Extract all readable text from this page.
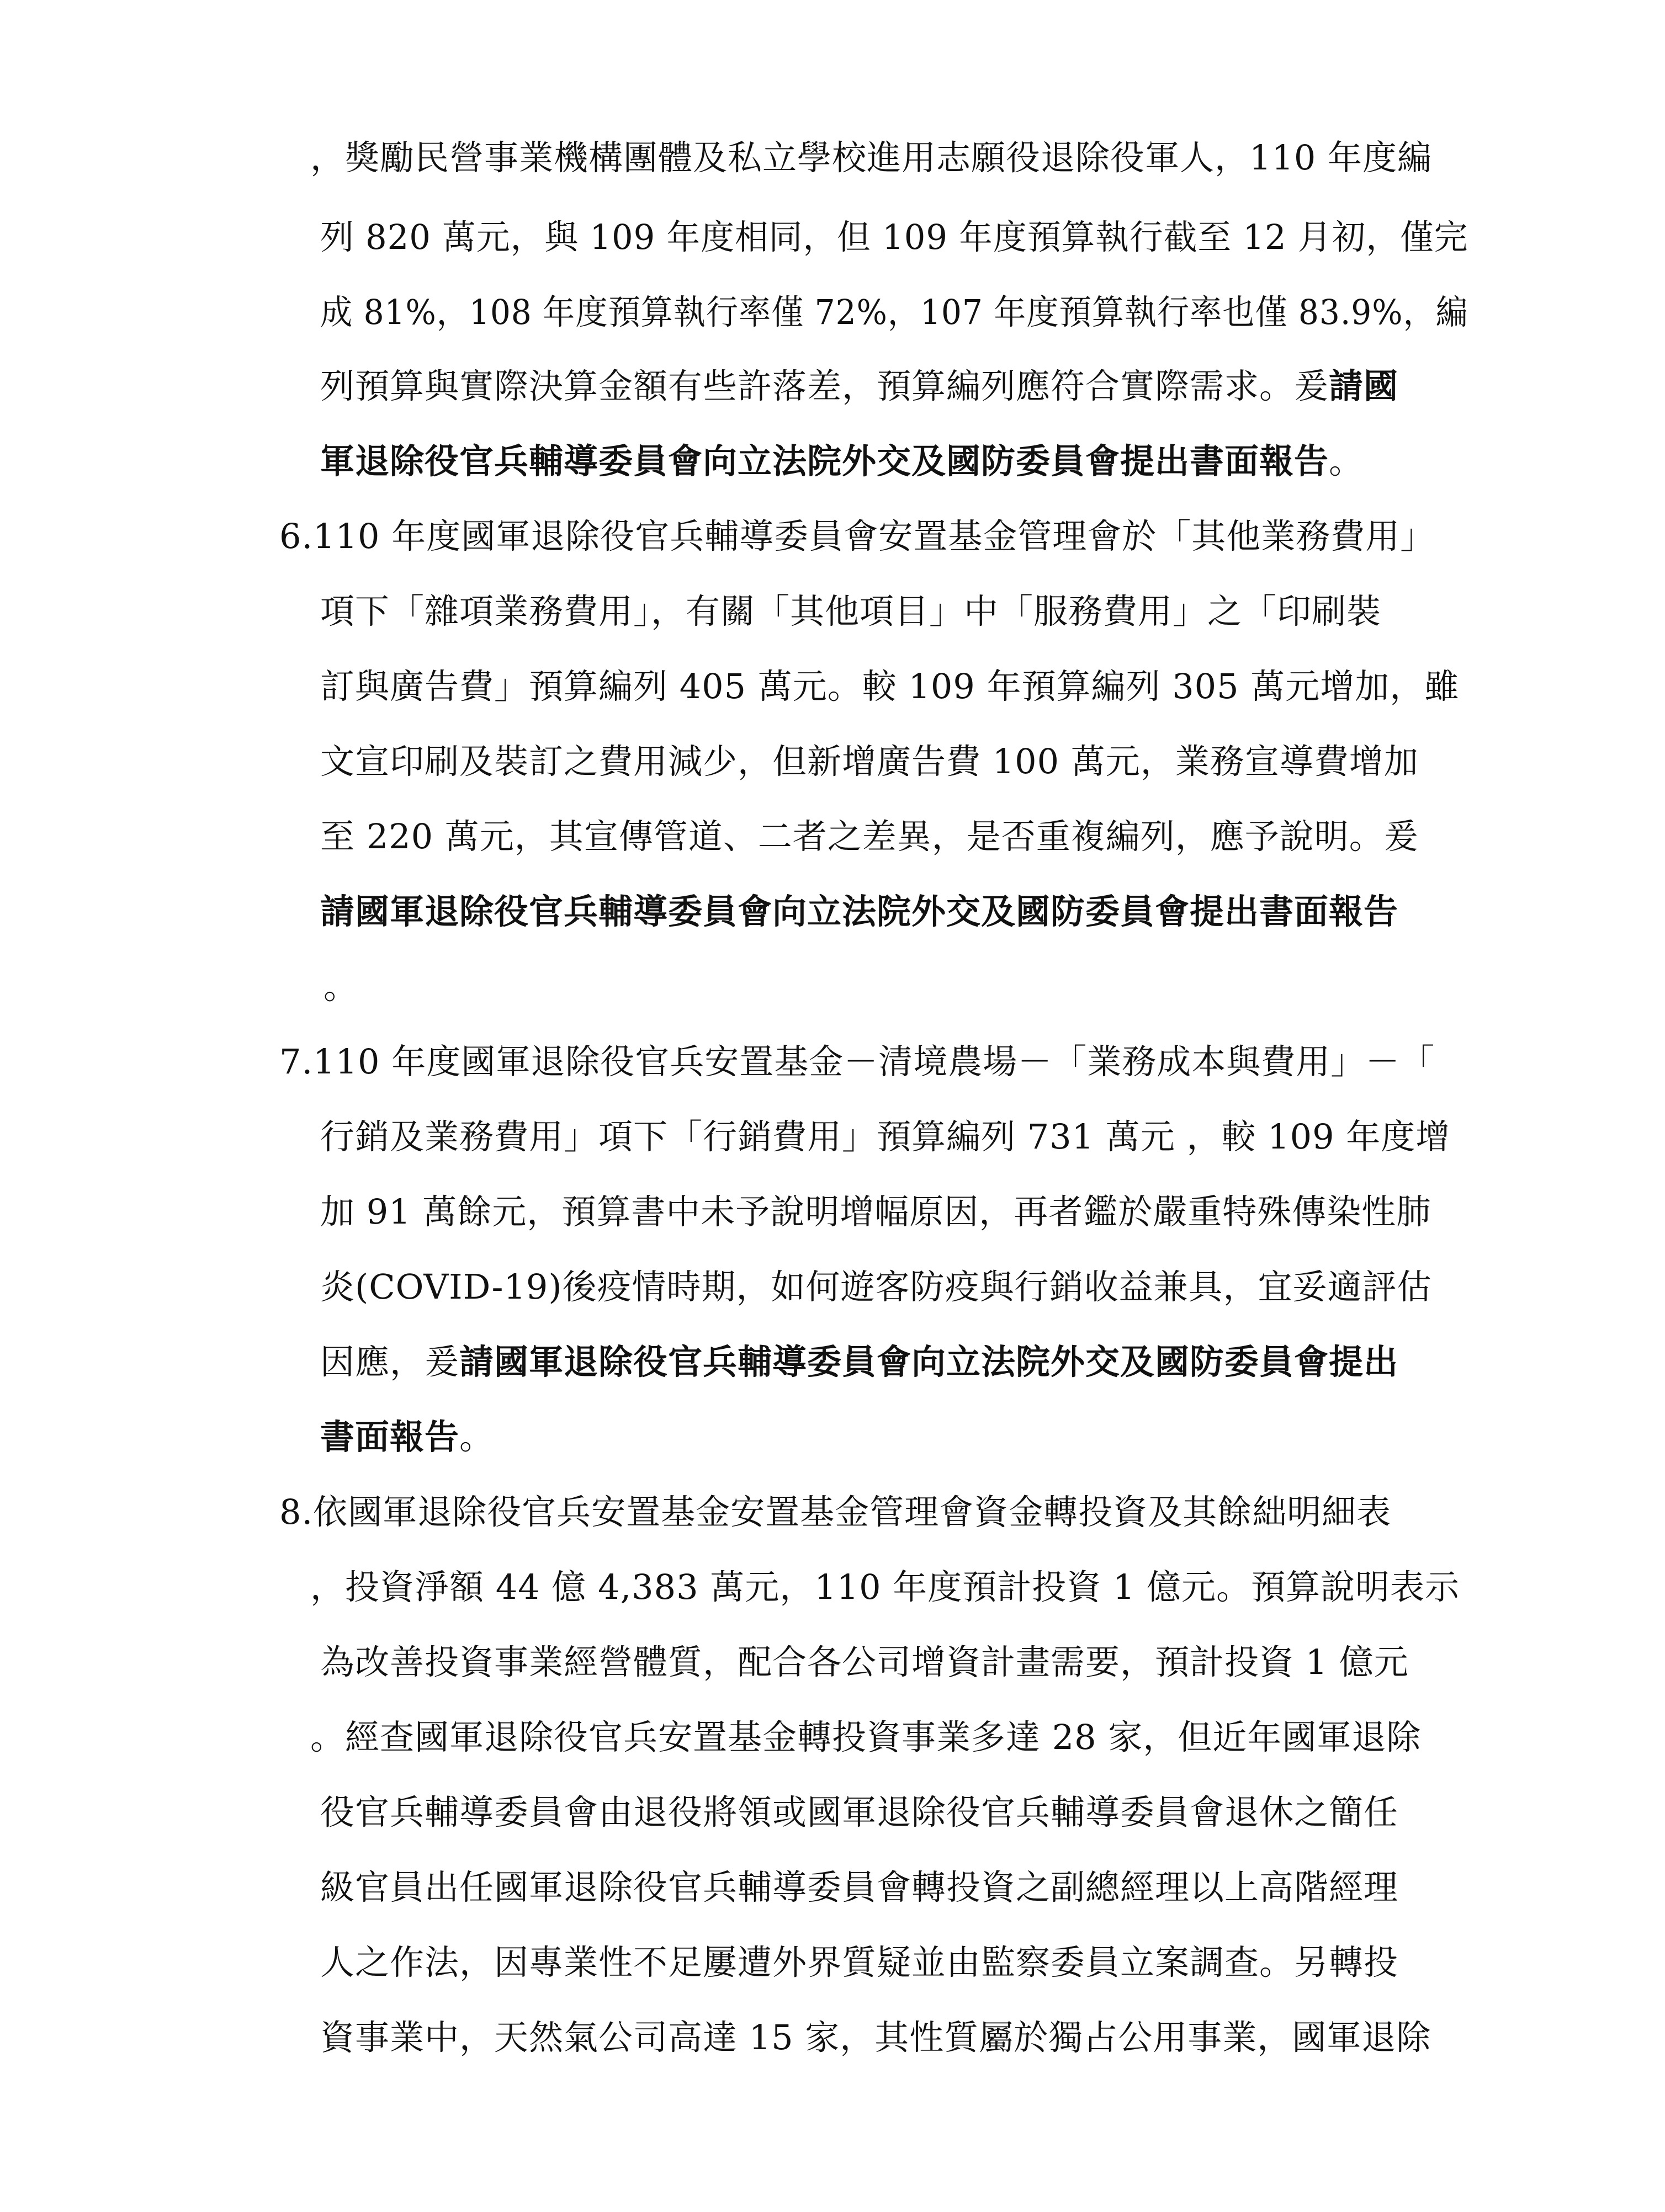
，獎勵民營事業機構團體及私立學校進用志願役退除役軍人，110 年度編
列 820 萬元，與 109 年度相同，但 109 年度預算執行截至 12 月初，僅完
成 81%，108 年度預算執行率僅 72%，107 年度預算執行率也僅 83.9%，編
列預算與實際決算金額有些許落差，預算編列應符合實際需求。爰請國
軍退除役官兵輔導委員會向立法院外交及國防委員會提出書面報告。
6.110 年度國軍退除役官兵輔導委員會安置基金管理會於「其他業務費用」
項下「雜項業務費用」，有關「其他項目」中「服務費用」之「印刷裝
訂與廣告費」預算編列 405 萬元。較 109 年預算編列 305 萬元增加，雖
文宣印刷及裝訂之費用減少，但新增廣告費 100 萬元，業務宣導費增加
至 220 萬元，其宣傳管道、二者之差異，是否重複編列，應予說明。爰
請國軍退除役官兵輔導委員會向立法院外交及國防委員會提出書面報告
。
7.110 年度國軍退除役官兵安置基金－清境農場－「業務成本與費用」－「
行銷及業務費用」項下「行銷費用」預算編列 731 萬元 ，較 109 年度增
加 91 萬餘元，預算書中未予說明增幅原因，再者鑑於嚴重特殊傳染性肺
炎(COVID-19)後疫情時期，如何遊客防疫與行銷收益兼具，宜妥適評估
因應，爰請國軍退除役官兵輔導委員會向立法院外交及國防委員會提出
書面報告。
8.依國軍退除役官兵安置基金安置基金管理會資金轉投資及其餘絀明細表
，投資淨額 44 億 4,383 萬元，110 年度預計投資 1 億元。預算說明表示
為改善投資事業經營體質，配合各公司增資計畫需要，預計投資 1 億元
。經查國軍退除役官兵安置基金轉投資事業多達 28 家，但近年國軍退除
役官兵輔導委員會由退役將領或國軍退除役官兵輔導委員會退休之簡任
級官員出任國軍退除役官兵輔導委員會轉投資之副總經理以上高階經理
人之作法，因專業性不足屢遭外界質疑並由監察委員立案調查。另轉投
資事業中，天然氣公司高達 15 家，其性質屬於獨占公用事業，國軍退除
